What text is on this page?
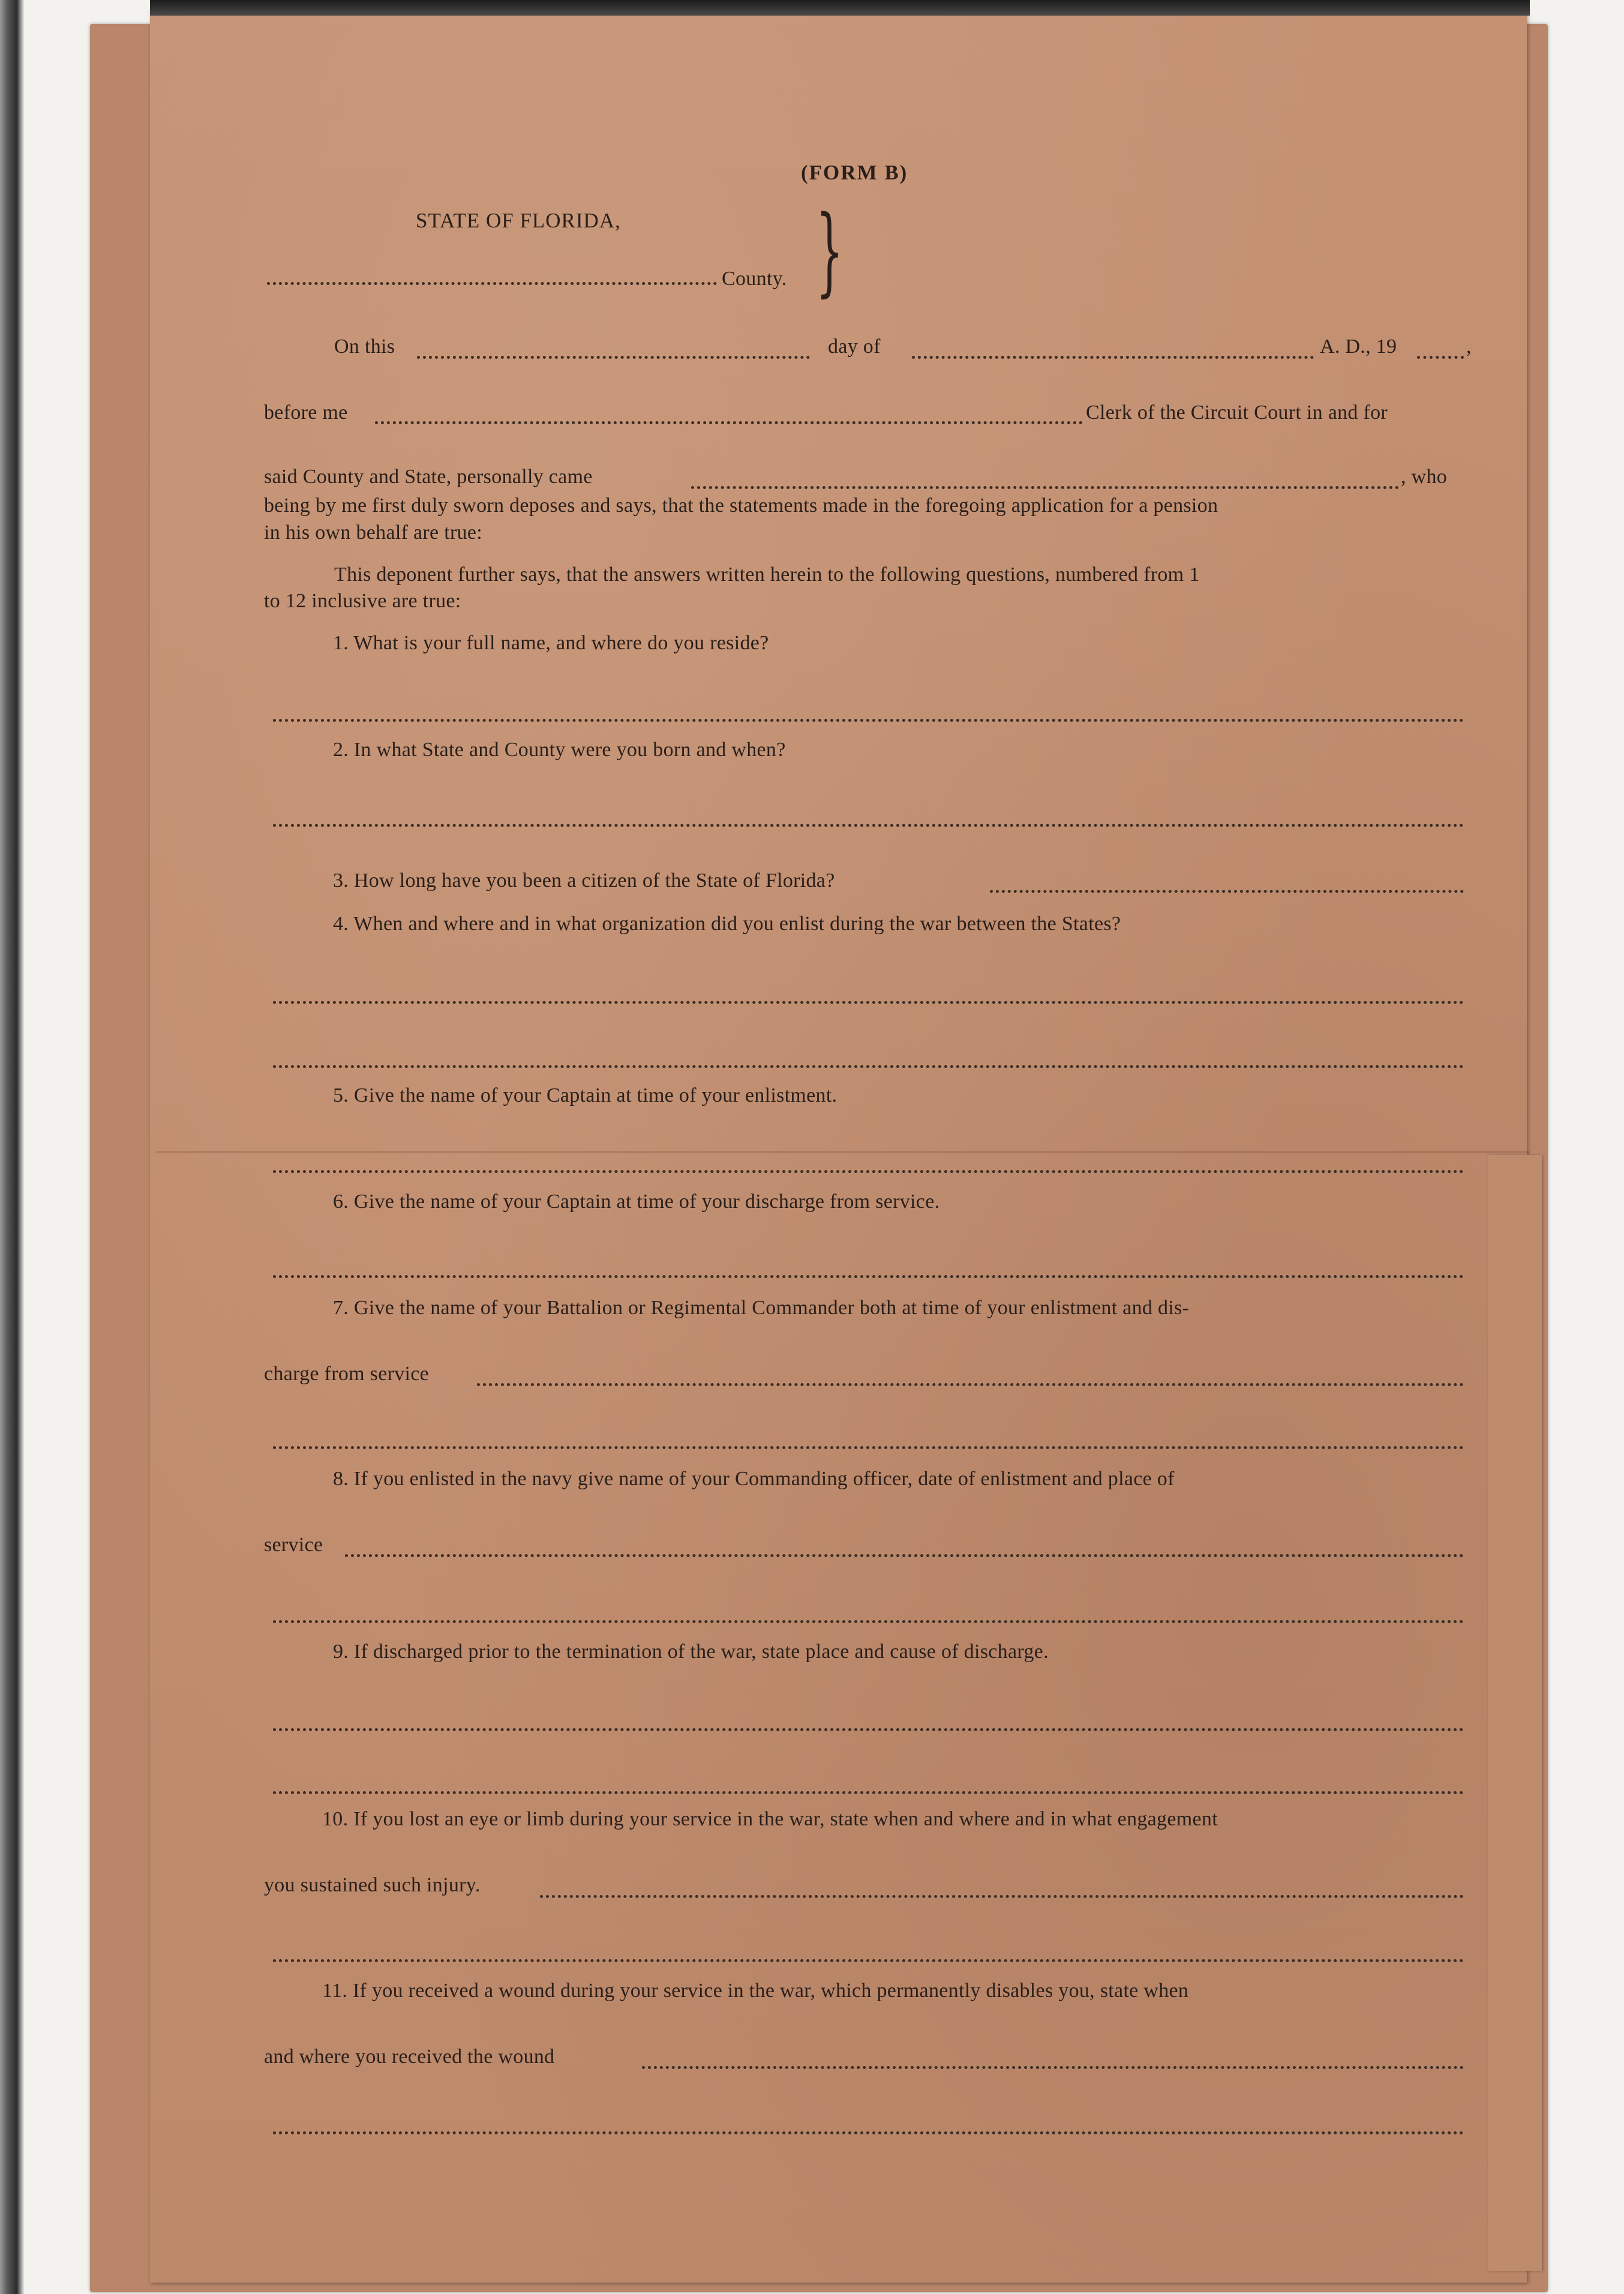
(FORM B)
STATE OF FLORIDA,
County. }
On this	day of	A. D., 19	,
before me	Clerk of the Circuit Court in and for
said County and State, personally came	, who
being by me first duly sworn deposes and says, that the statements made in the foregoing application for a pension
in his own behalf are true:
This deponent further says, that the answers written herein to the following questions, numbered from 1
to 12 inclusive are true:
1. What is your full name, and where do you reside?
2. In what State and County were you born and when?
3. How long have you been a citizen of the State of Florida?
4. When and where and in what organization did you enlist during the war between the States?
5. Give the name of your Captain at time of your enlistment.
6. Give the name of your Captain at time of your discharge from service.
7. Give the name of your Battalion or Regimental Commander both at time of your enlistment and dis-
charge from service
8. If you enlisted in the navy give name of your Commanding officer, date of enlistment and place of
service
9. If discharged prior to the termination of the war, state place and cause of discharge.
10. If you lost an eye or limb during your service in the war, state when and where and in what engagement
you sustained such injury.
11. If you received a wound during your service in the war, which permanently disables you, state when
and where you received the wound
